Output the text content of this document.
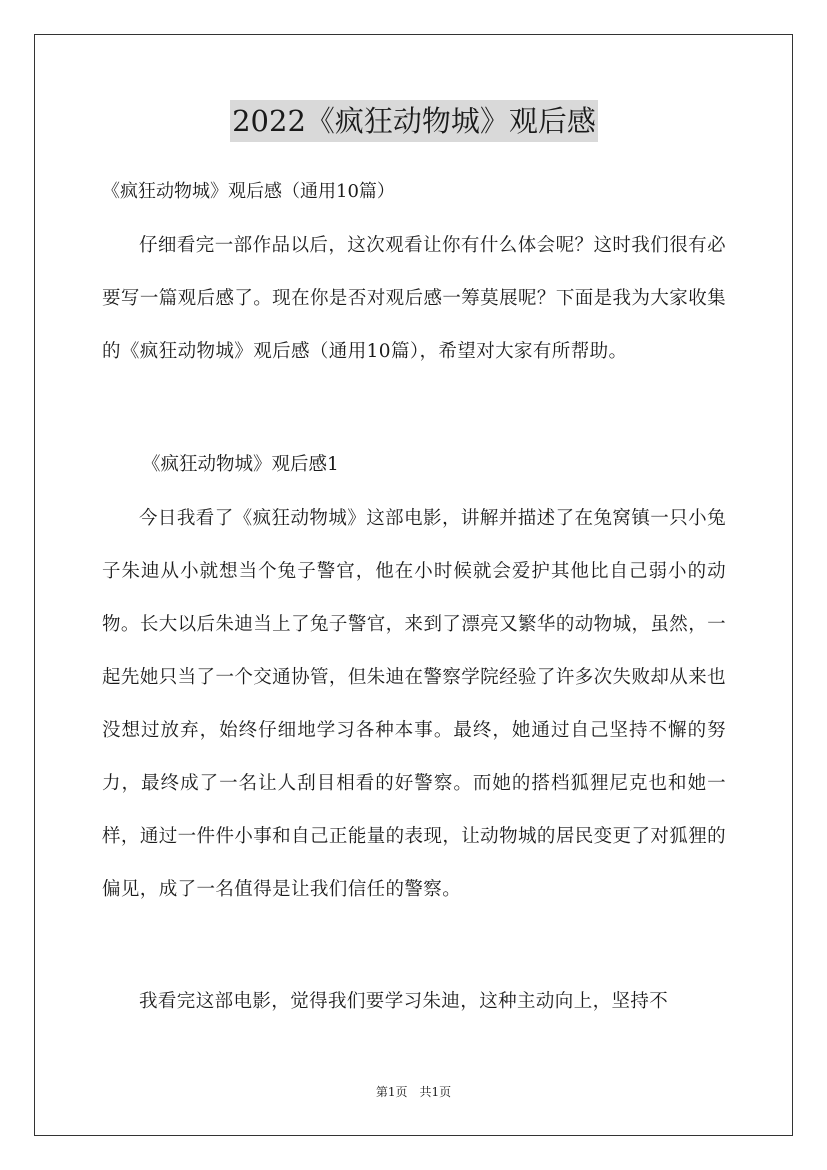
2022《疯狂动物城》观后感
《疯狂动物城》观后感（通用10篇）

仔细看完一部作品以后，这次观看让你有什么体会呢？这时我们很有必要写一篇观后感了。现在你是否对观后感一筹莫展呢？下面是我为大家收集的《疯狂动物城》观后感（通用10篇），希望对大家有所帮助。

《疯狂动物城》观后感1

今日我看了《疯狂动物城》这部电影，讲解并描述了在兔窝镇一只小兔子朱迪从小就想当个兔子警官，他在小时候就会爱护其他比自己弱小的动物。长大以后朱迪当上了兔子警官，来到了漂亮又繁华的动物城，虽然，一起先她只当了一个交通协管，但朱迪在警察学院经验了许多次失败却从来也没想过放弃，始终仔细地学习各种本事。最终，她通过自己坚持不懈的努力，最终成了一名让人刮目相看的好警察。而她的搭档狐狸尼克也和她一样，通过一件件小事和自己正能量的表现，让动物城的居民变更了对狐狸的偏见，成了一名值得是让我们信任的警察。

我看完这部电影，觉得我们要学习朱迪，这种主动向上，坚持不

第1页　共1页
